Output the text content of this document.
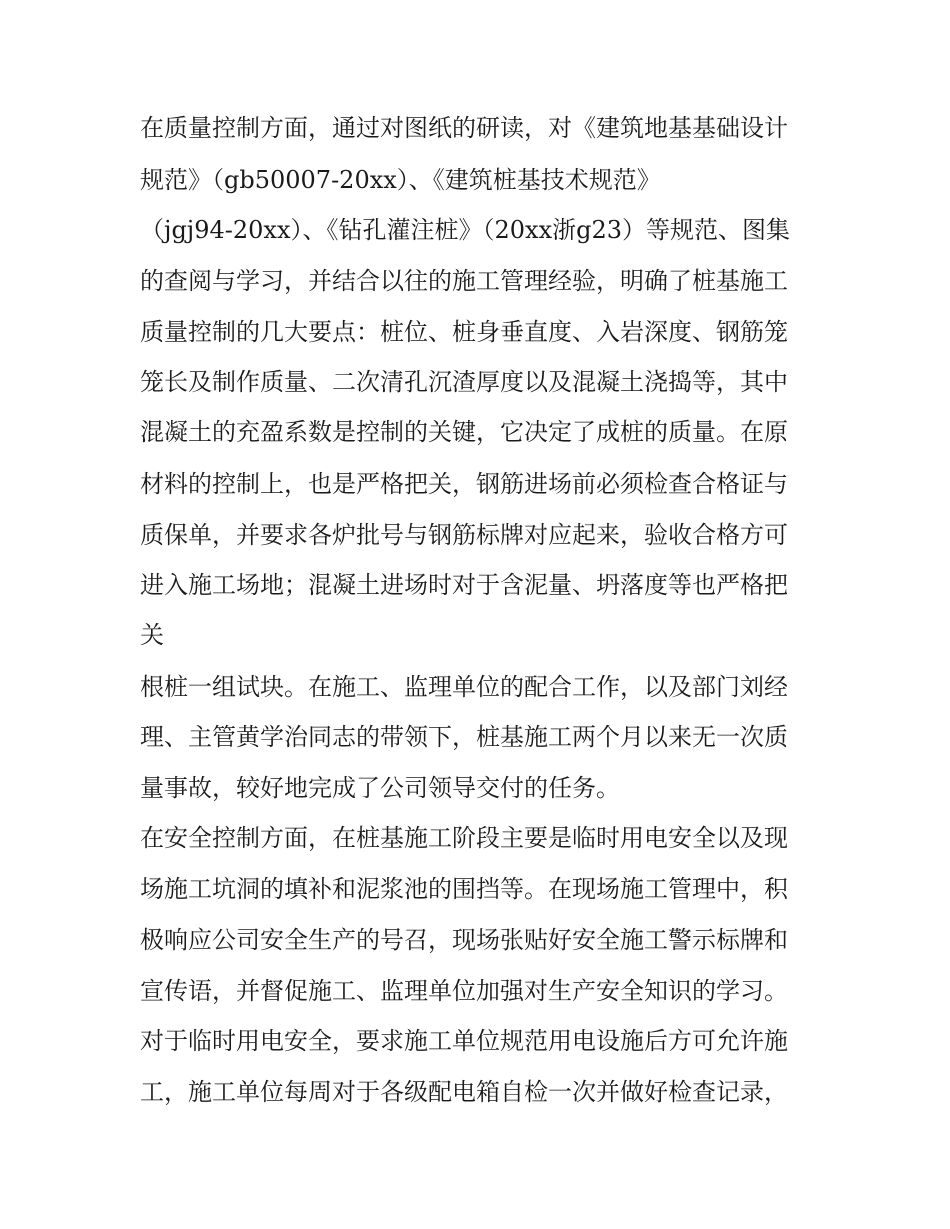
在质量控制方面，通过对图纸的研读，对《建筑地基基础设计
规范》（gb50007-20xx）、《建筑桩基技术规范》
（jgj94-20xx）、《钻孔灌注桩》（20xx浙g23）等规范、图集
的查阅与学习，并结合以往的施工管理经验，明确了桩基施工
质量控制的几大要点：桩位、桩身垂直度、入岩深度、钢筋笼
笼长及制作质量、二次清孔沉渣厚度以及混凝土浇捣等，其中
混凝土的充盈系数是控制的关键，它决定了成桩的质量。在原
材料的控制上，也是严格把关，钢筋进场前必须检查合格证与
质保单，并要求各炉批号与钢筋标牌对应起来，验收合格方可
进入施工场地；混凝土进场时对于含泥量、坍落度等也严格把
关
根桩一组试块。在施工、监理单位的配合工作，以及部门刘经
理、主管黄学治同志的带领下，桩基施工两个月以来无一次质
量事故，较好地完成了公司领导交付的任务。
在安全控制方面，在桩基施工阶段主要是临时用电安全以及现
场施工坑洞的填补和泥浆池的围挡等。在现场施工管理中，积
极响应公司安全生产的号召，现场张贴好安全施工警示标牌和
宣传语，并督促施工、监理单位加强对生产安全知识的学习。
对于临时用电安全，要求施工单位规范用电设施后方可允许施
工，施工单位每周对于各级配电箱自检一次并做好检查记录，
